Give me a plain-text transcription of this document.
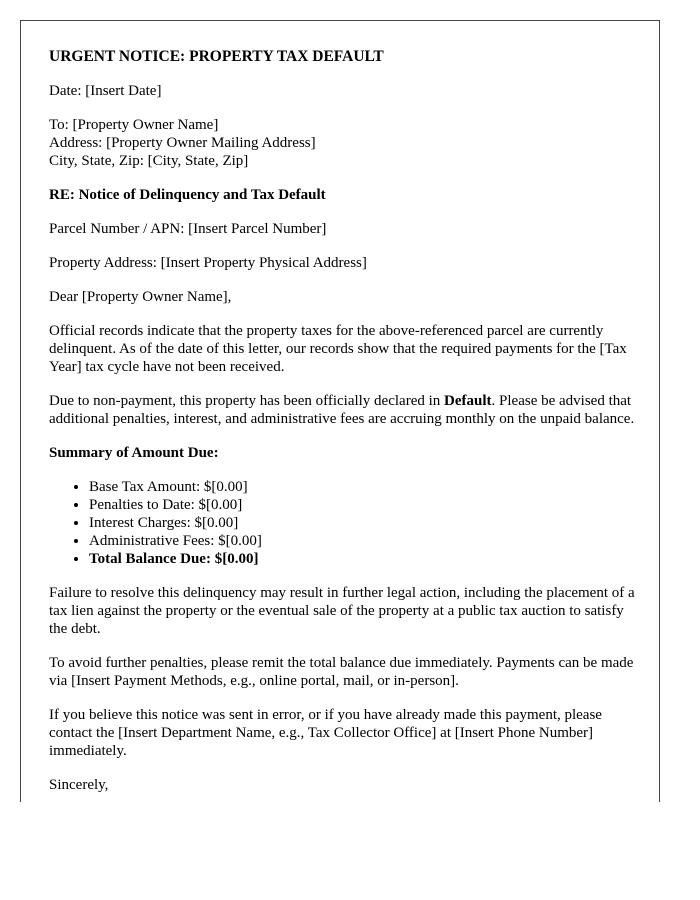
URGENT NOTICE: PROPERTY TAX DEFAULT

Date: [Insert Date]

To: [Property Owner Name]
Address: [Property Owner Mailing Address]
City, State, Zip: [City, State, Zip]

RE: Notice of Delinquency and Tax Default

Parcel Number / APN: [Insert Parcel Number]

Property Address: [Insert Property Physical Address]

Dear [Property Owner Name],

Official records indicate that the property taxes for the above-referenced parcel are currently delinquent. As of the date of this letter, our records show that the required payments for the [Tax Year] tax cycle have not been received.

Due to non-payment, this property has been officially declared in Default. Please be advised that additional penalties, interest, and administrative fees are accruing monthly on the unpaid balance.

Summary of Amount Due:

• Base Tax Amount: $[0.00]
• Penalties to Date: $[0.00]
• Interest Charges: $[0.00]
• Administrative Fees: $[0.00]
• Total Balance Due: $[0.00]

Failure to resolve this delinquency may result in further legal action, including the placement of a tax lien against the property or the eventual sale of the property at a public tax auction to satisfy the debt.

To avoid further penalties, please remit the total balance due immediately. Payments can be made via [Insert Payment Methods, e.g., online portal, mail, or in-person].

If you believe this notice was sent in error, or if you have already made this payment, please contact the [Insert Department Name, e.g., Tax Collector Office] at [Insert Phone Number] immediately.

Sincerely,
